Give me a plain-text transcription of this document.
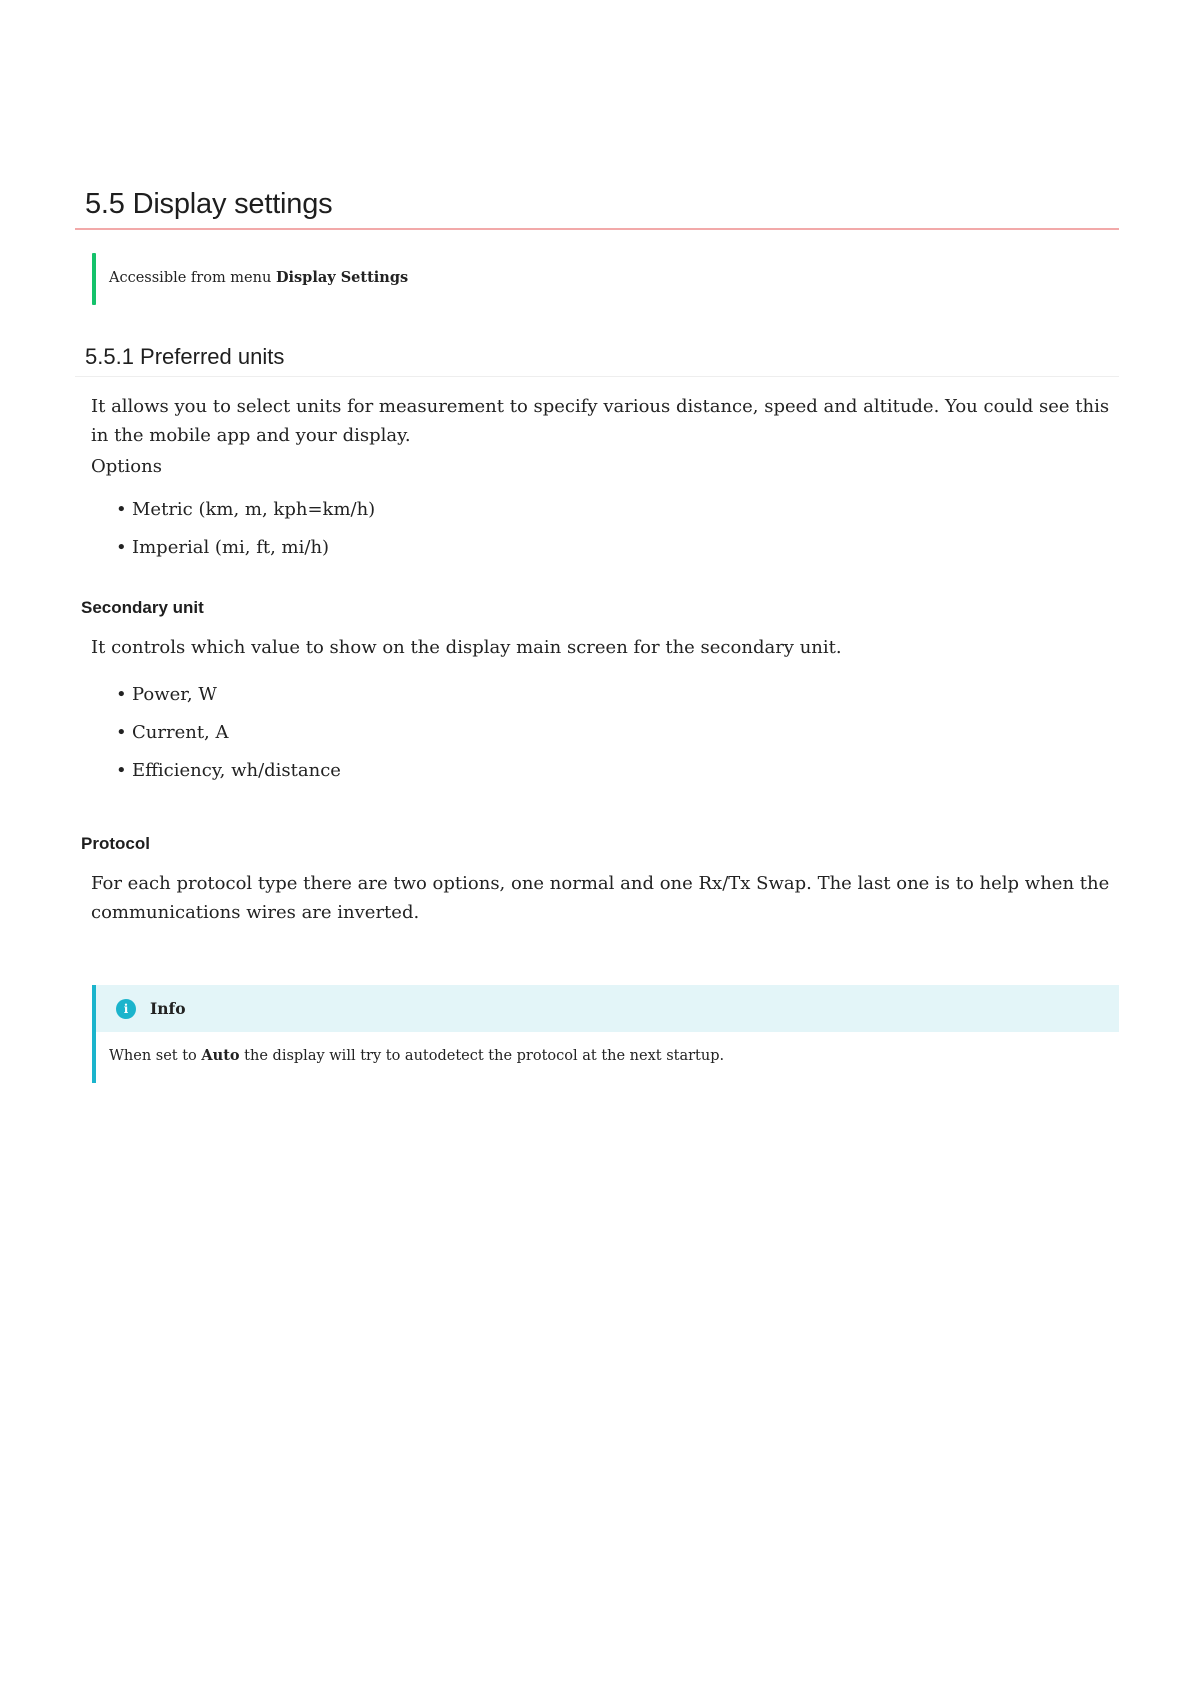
5.5 Display settings
Accessible from menu Display Settings
5.5.1 Preferred units
It allows you to select units for measurement to specify various distance, speed and altitude. You could see this in the mobile app and your display.
Options
• Metric (km, m, kph=km/h)
• Imperial (mi, ft, mi/h)
Secondary unit
It controls which value to show on the display main screen for the secondary unit.
• Power, W
• Current, A
• Efficiency, wh/distance
Protocol
For each protocol type there are two options, one normal and one Rx/Tx Swap. The last one is to help when the communications wires are inverted.
i	Info
When set to Auto the display will try to autodetect the protocol at the next startup.
